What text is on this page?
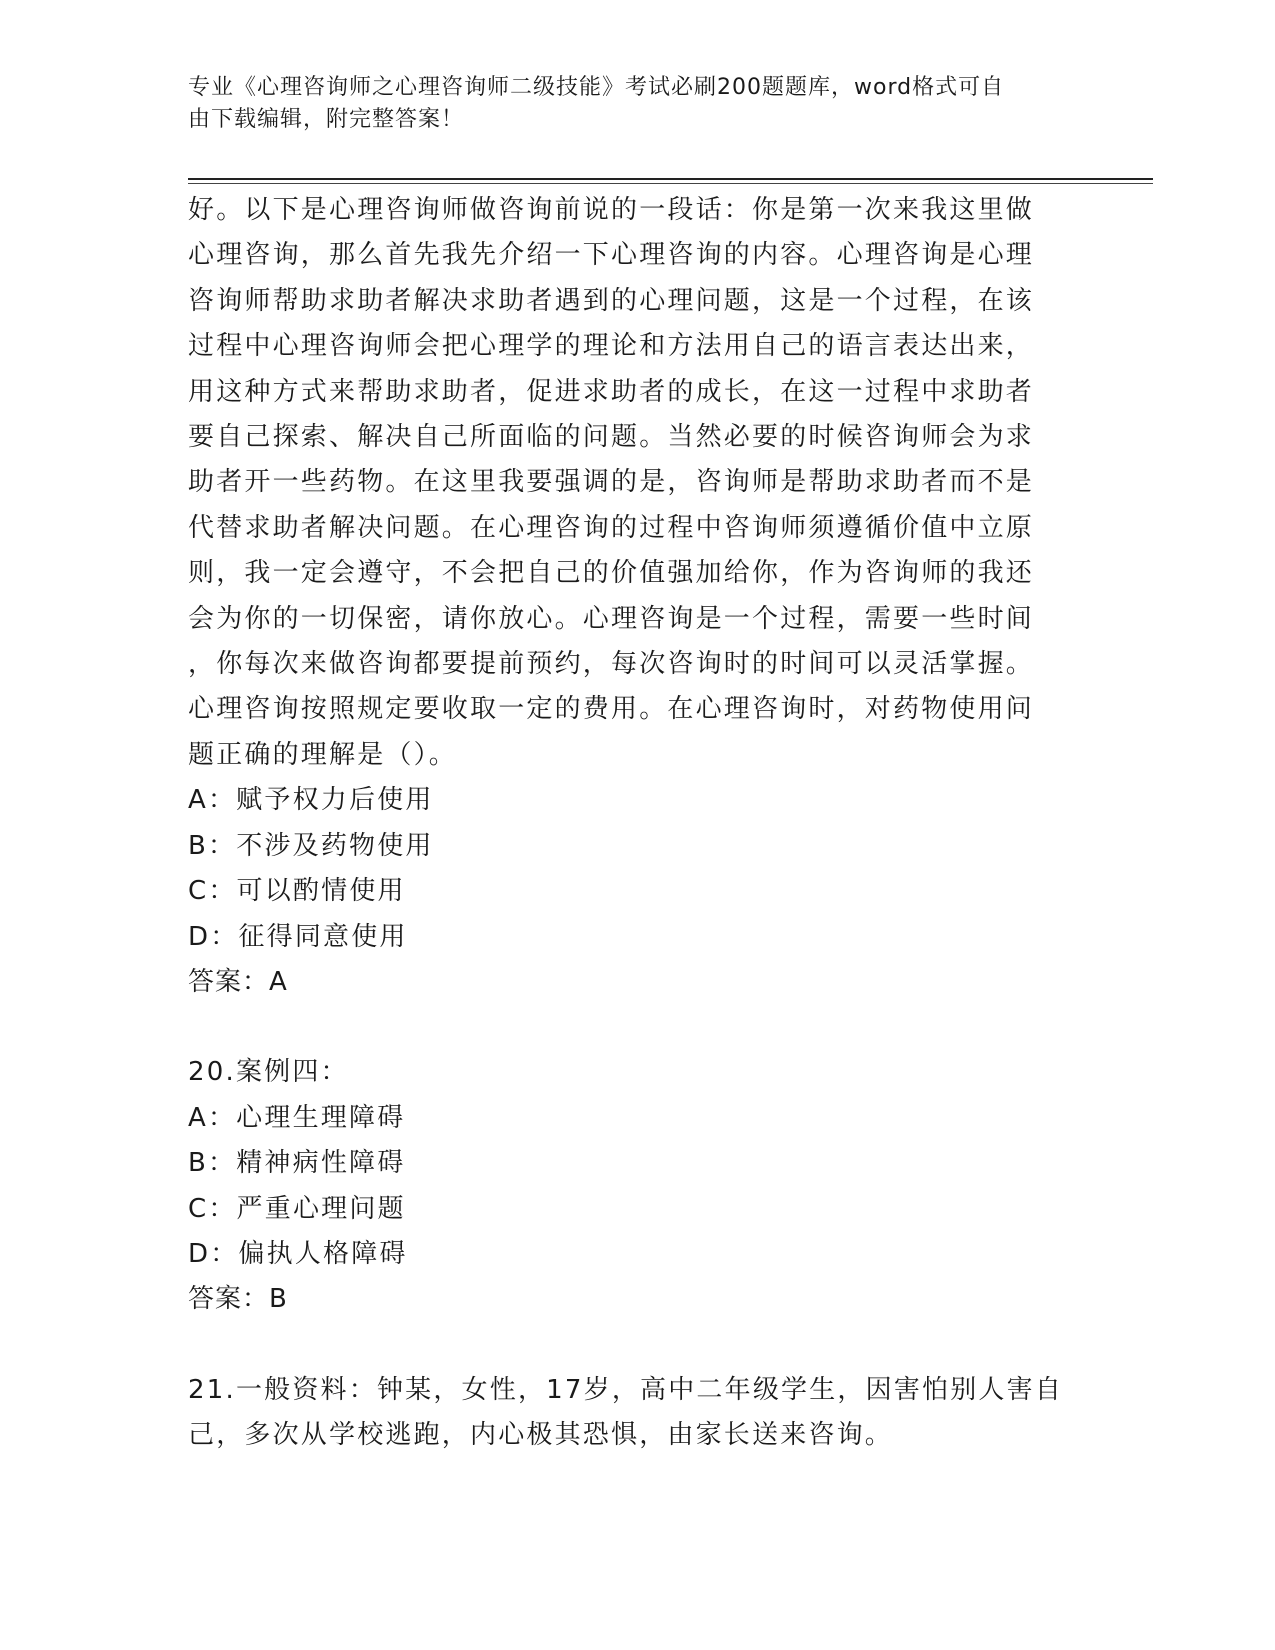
专业《心理咨询师之心理咨询师二级技能》考试必刷200题题库，word格式可自
由下载编辑，附完整答案！
好。以下是心理咨询师做咨询前说的一段话：你是第一次来我这里做
心理咨询，那么首先我先介绍一下心理咨询的内容。心理咨询是心理
咨询师帮助求助者解决求助者遇到的心理问题，这是一个过程，在该
过程中心理咨询师会把心理学的理论和方法用自己的语言表达出来，
用这种方式来帮助求助者，促进求助者的成长，在这一过程中求助者
要自己探索、解决自己所面临的问题。当然必要的时候咨询师会为求
助者开一些药物。在这里我要强调的是，咨询师是帮助求助者而不是
代替求助者解决问题。在心理咨询的过程中咨询师须遵循价值中立原
则，我一定会遵守，不会把自己的价值强加给你，作为咨询师的我还
会为你的一切保密，请你放心。心理咨询是一个过程，需要一些时间
，你每次来做咨询都要提前预约，每次咨询时的时间可以灵活掌握。
心理咨询按照规定要收取一定的费用。在心理咨询时，对药物使用问
题正确的理解是（）。
A：赋予权力后使用
B：不涉及药物使用
C：可以酌情使用
D：征得同意使用
答案：A
20.案例四：
A：心理生理障碍
B：精神病性障碍
C：严重心理问题
D：偏执人格障碍
答案：B
21.一般资料：钟某，女性，17岁，高中二年级学生，因害怕别人害自
己，多次从学校逃跑，内心极其恐惧，由家长送来咨询。
